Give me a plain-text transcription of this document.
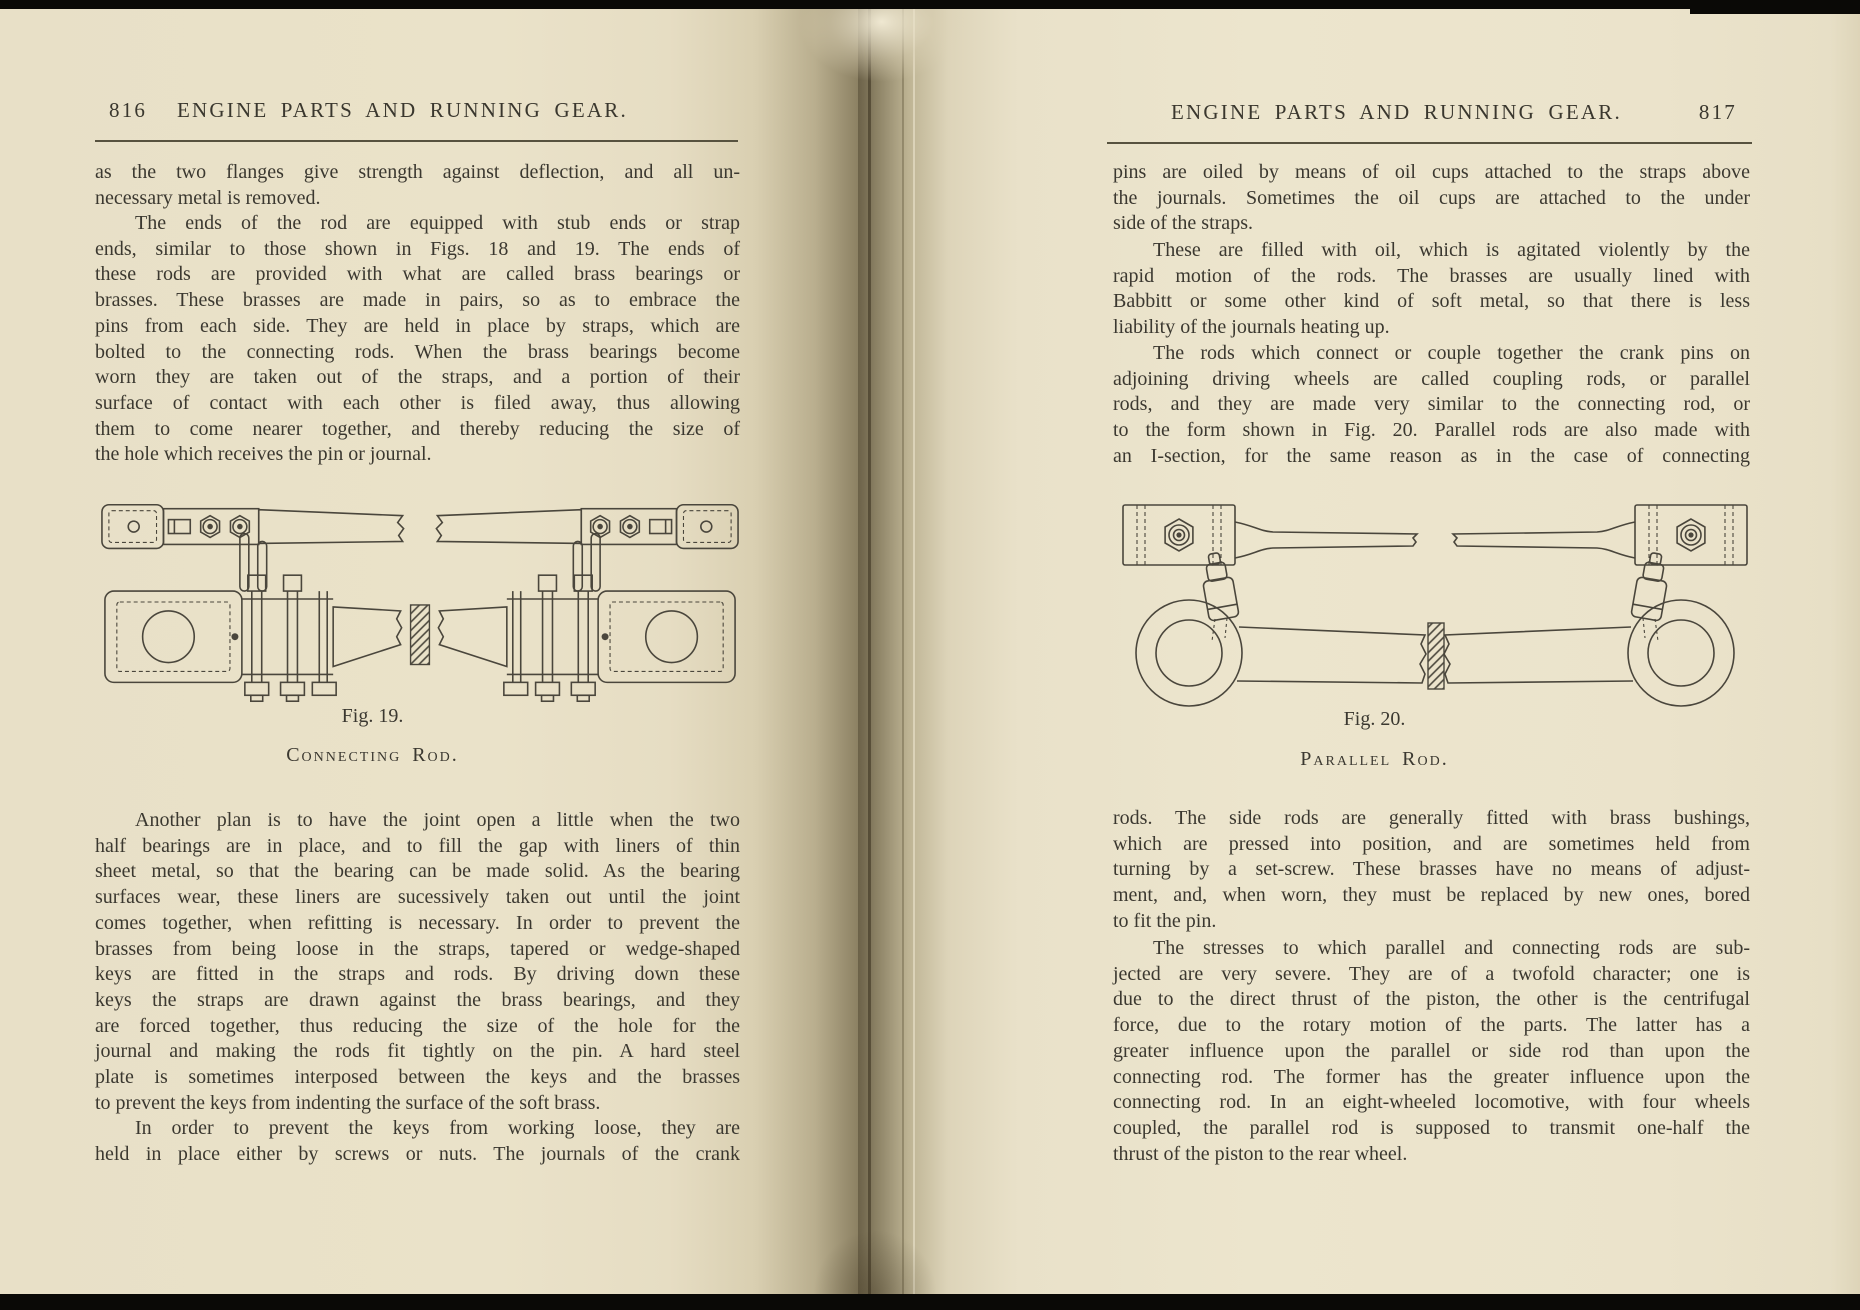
816 ENGINE PARTS AND RUNNING GEAR.
as the two flanges give strength against deflection, and all un-
necessary metal is removed.
The ends of the rod are equipped with stub ends or strap
ends, similar to those shown in Figs. 18 and 19. The ends of
these rods are provided with what are called brass bearings or
brasses. These brasses are made in pairs, so as to embrace the
pins from each side. They are held in place by straps, which are
bolted to the connecting rods. When the brass bearings become
worn they are taken out of the straps, and a portion of their
surface of contact with each other is filed away, thus allowing
them to come nearer together, and thereby reducing the size of
the hole which receives the pin or journal.
Fig. 19.
Connecting Rod.
Another plan is to have the joint open a little when the two
half bearings are in place, and to fill the gap with liners of thin
sheet metal, so that the bearing can be made solid. As the bearing
surfaces wear, these liners are sucessively taken out until the joint
comes together, when refitting is necessary. In order to prevent the
brasses from being loose in the straps, tapered or wedge-shaped
keys are fitted in the straps and rods. By driving down these
keys the straps are drawn against the brass bearings, and they
are forced together, thus reducing the size of the hole for the
journal and making the rods fit tightly on the pin. A hard steel
plate is sometimes interposed between the keys and the brasses
to prevent the keys from indenting the surface of the soft brass.
In order to prevent the keys from working loose, they are
held in place either by screws or nuts. The journals of the crank
ENGINE PARTS AND RUNNING GEAR.	817
pins are oiled by means of oil cups attached to the straps above
the journals. Sometimes the oil cups are attached to the under
side of the straps.
These are filled with oil, which is agitated violently by the
rapid motion of the rods. The brasses are usually lined with
Babbitt or some other kind of soft metal, so that there is less
liability of the journals heating up.
The rods which connect or couple together the crank pins on
adjoining driving wheels are called coupling rods, or parallel
rods, and they are made very similar to the connecting rod, or
to the form shown in Fig. 20. Parallel rods are also made with
an I-section, for the same reason as in the case of connecting
Fig. 20.
Parallel Rod.
rods. The side rods are generally fitted with brass bushings,
which are pressed into position, and are sometimes held from
turning by a set-screw. These brasses have no means of adjust-
ment, and, when worn, they must be replaced by new ones, bored
to fit the pin.
The stresses to which parallel and connecting rods are sub-
jected are very severe. They are of a twofold character; one is
due to the direct thrust of the piston, the other is the centrifugal
force, due to the rotary motion of the parts. The latter has a
greater influence upon the parallel or side rod than upon the
connecting rod. The former has the greater influence upon the
connecting rod. In an eight-wheeled locomotive, with four wheels
coupled, the parallel rod is supposed to transmit one-half the
thrust of the piston to the rear wheel.
